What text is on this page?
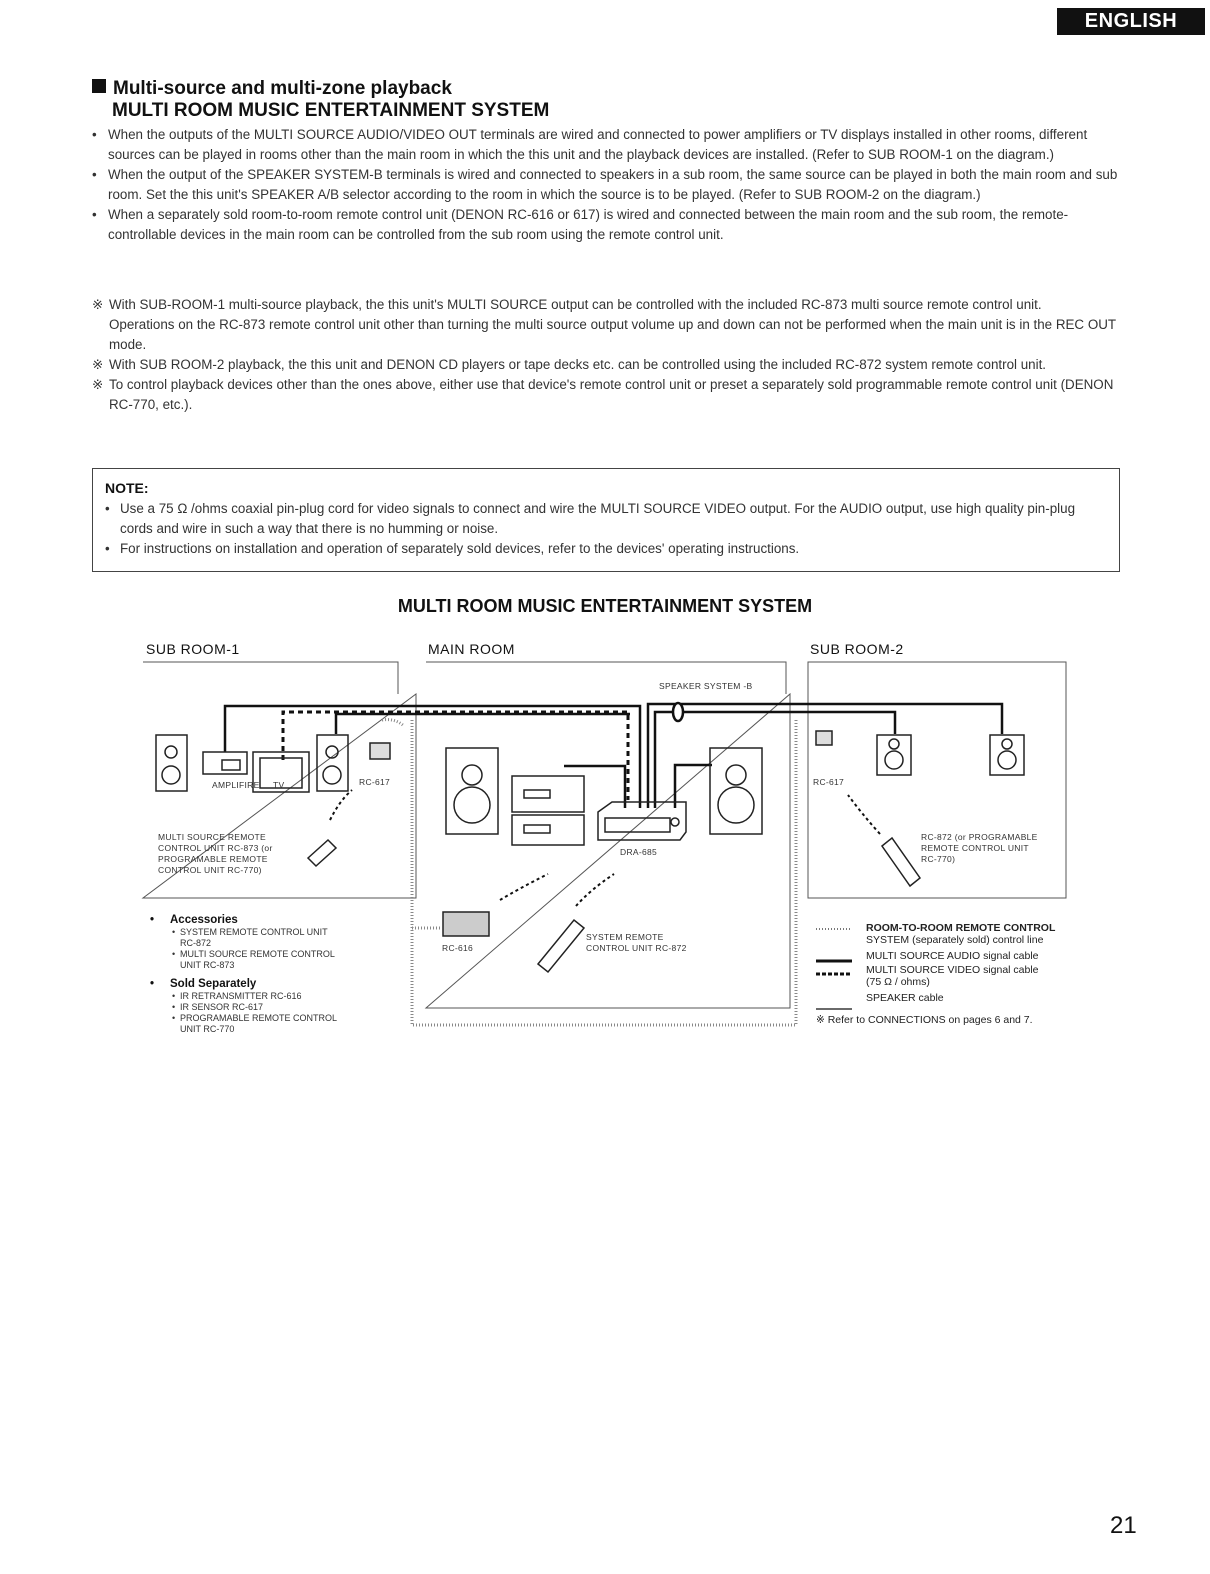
ENGLISH
Multi-source and multi-zone playback
MULTI ROOM MUSIC ENTERTAINMENT SYSTEM
• When the outputs of the MULTI SOURCE AUDIO/VIDEO OUT terminals are wired and connected to power amplifiers or TV displays installed in other rooms, different sources can be played in rooms other than the main room in which the this unit and the playback devices are installed. (Refer to SUB ROOM-1 on the diagram.)
• When the output of the SPEAKER SYSTEM-B terminals is wired and connected to speakers in a sub room, the same source can be played in both the main room and sub room. Set the this unit's SPEAKER A/B selector according to the room in which the source is to be played. (Refer to SUB ROOM-2 on the diagram.)
• When a separately sold room-to-room remote control unit (DENON RC-616 or 617) is wired and connected between the main room and the sub room, the remote-controllable devices in the main room can be controlled from the sub room using the remote control unit.
※ With SUB-ROOM-1 multi-source playback, the this unit's MULTI SOURCE output can be controlled with the included RC-873 multi source remote control unit.
Operations on the RC-873 remote control unit other than turning the multi source output volume up and down can not be performed when the main unit is in the REC OUT mode.
※ With SUB ROOM-2 playback, the this unit and DENON CD players or tape decks etc. can be controlled using the included RC-872 system remote control unit.
※ To control playback devices other than the ones above, either use that device's remote control unit or preset a separately sold programmable remote control unit (DENON RC-770, etc.).
NOTE:
• Use a 75 Ω /ohms coaxial pin-plug cord for video signals to connect and wire the MULTI SOURCE VIDEO output. For the AUDIO output, use high quality pin-plug cords and wire in such a way that there is no humming or noise.
• For instructions on installation and operation of separately sold devices, refer to the devices' operating instructions.
MULTI ROOM MUSIC ENTERTAINMENT SYSTEM
SUB ROOM-1	MAIN ROOM	SUB ROOM-2
SPEAKER SYSTEM -B
RC-617
AMPLIFIRE TV
MULTI SOURCE REMOTE
CONTROL UNIT RC-873 (or
PROGRAMABLE REMOTE
CONTROL UNIT RC-770)
DRA-685
RC-617
RC-872 (or PROGRAMABLE
REMOTE CONTROL UNIT
RC-770)
RC-616
SYSTEM REMOTE
CONTROL UNIT RC-872
• Accessories
• SYSTEM REMOTE CONTROL UNIT
RC-872
• MULTI SOURCE REMOTE CONTROL
UNIT RC-873
• Sold Separately
• IR RETRANSMITTER RC-616
• IR SENSOR RC-617
• PROGRAMABLE REMOTE CONTROL
UNIT RC-770
ROOM-TO-ROOM REMOTE CONTROL
SYSTEM (separately sold) control line
MULTI SOURCE AUDIO signal cable
MULTI SOURCE VIDEO signal cable
(75 Ω / ohms)
SPEAKER cable
※ Refer to CONNECTIONS on pages 6 and 7.
21
